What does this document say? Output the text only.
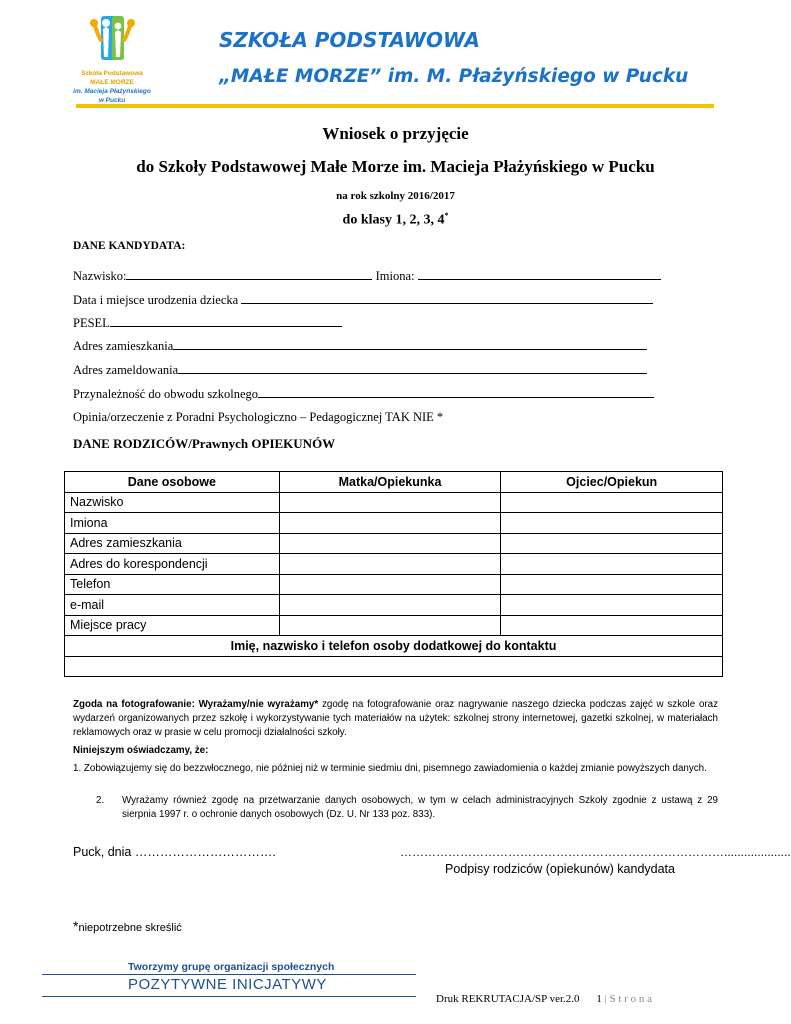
Szkoła Podstawowa MAŁE MORZE
im. Macieja Płażyńskiego
w Pucku
SZKOŁA PODSTAWOWA
„MAŁE MORZE” im. M. Płażyńskiego w Pucku
Wniosek o przyjęcie
do Szkoły Podstawowej Małe Morze im. Macieja Płażyńskiego w Pucku
na rok szkolny 2016/2017
do klasy 1, 2, 3, 4*
DANE KANDYDATA:
Nazwisko:	Imiona:
Data i miejsce urodzenia dziecka
PESEL
Adres zamieszkania
Adres zameldowania
Przynależność do obwodu szkolnego
Opinia/orzeczenie z Poradni Psychologiczno – Pedagogicznej TAK NIE *
DANE RODZICÓW/Prawnych OPIEKUNÓW
Dane osobowe	Matka/Opiekunka	Ojciec/Opiekun
Nazwisko		
Imiona		
Adres zamieszkania		
Adres do korespondencji		
Telefon		
e-mail		
Miejsce pracy		
Imię, nazwisko i telefon osoby dodatkowej do kontaktu		

Zgoda na fotografowanie: Wyrażamy/nie wyrażamy* zgodę na fotografowanie oraz nagrywanie naszego dziecka podczas zajęć w szkole oraz wydarzeń organizowanych przez szkołę i wykorzystywanie tych materiałów na użytek: szkolnej strony internetowej, gazetki szkolnej, w materiałach reklamowych oraz w prasie w celu promocji działalności szkoły.
Niniejszym oświadczamy, że:
1. Zobowiązujemy się do bezzwłocznego, nie później niż w terminie siedmiu dni, pisemnego zawiadomienia o każdej zmianie powyższych danych.
2. Wyrażamy również zgodę na przetwarzanie danych osobowych, w tym w celach administracyjnych Szkoły zgodnie z ustawą z 29 sierpnia 1997 r. o ochronie danych osobowych (Dz. U. Nr 133 poz. 833).
Puck, dnia …………………………….	………………………………………………………………………....................
Podpisy rodziców (opiekunów) kandydata
*niepotrzebne skreślić
Tworzymy grupę organizacji społecznych
POZYTYWNE INICJATYWY
Druk REKRUTACJA/SP ver.2.0 1 | S t r o n a
